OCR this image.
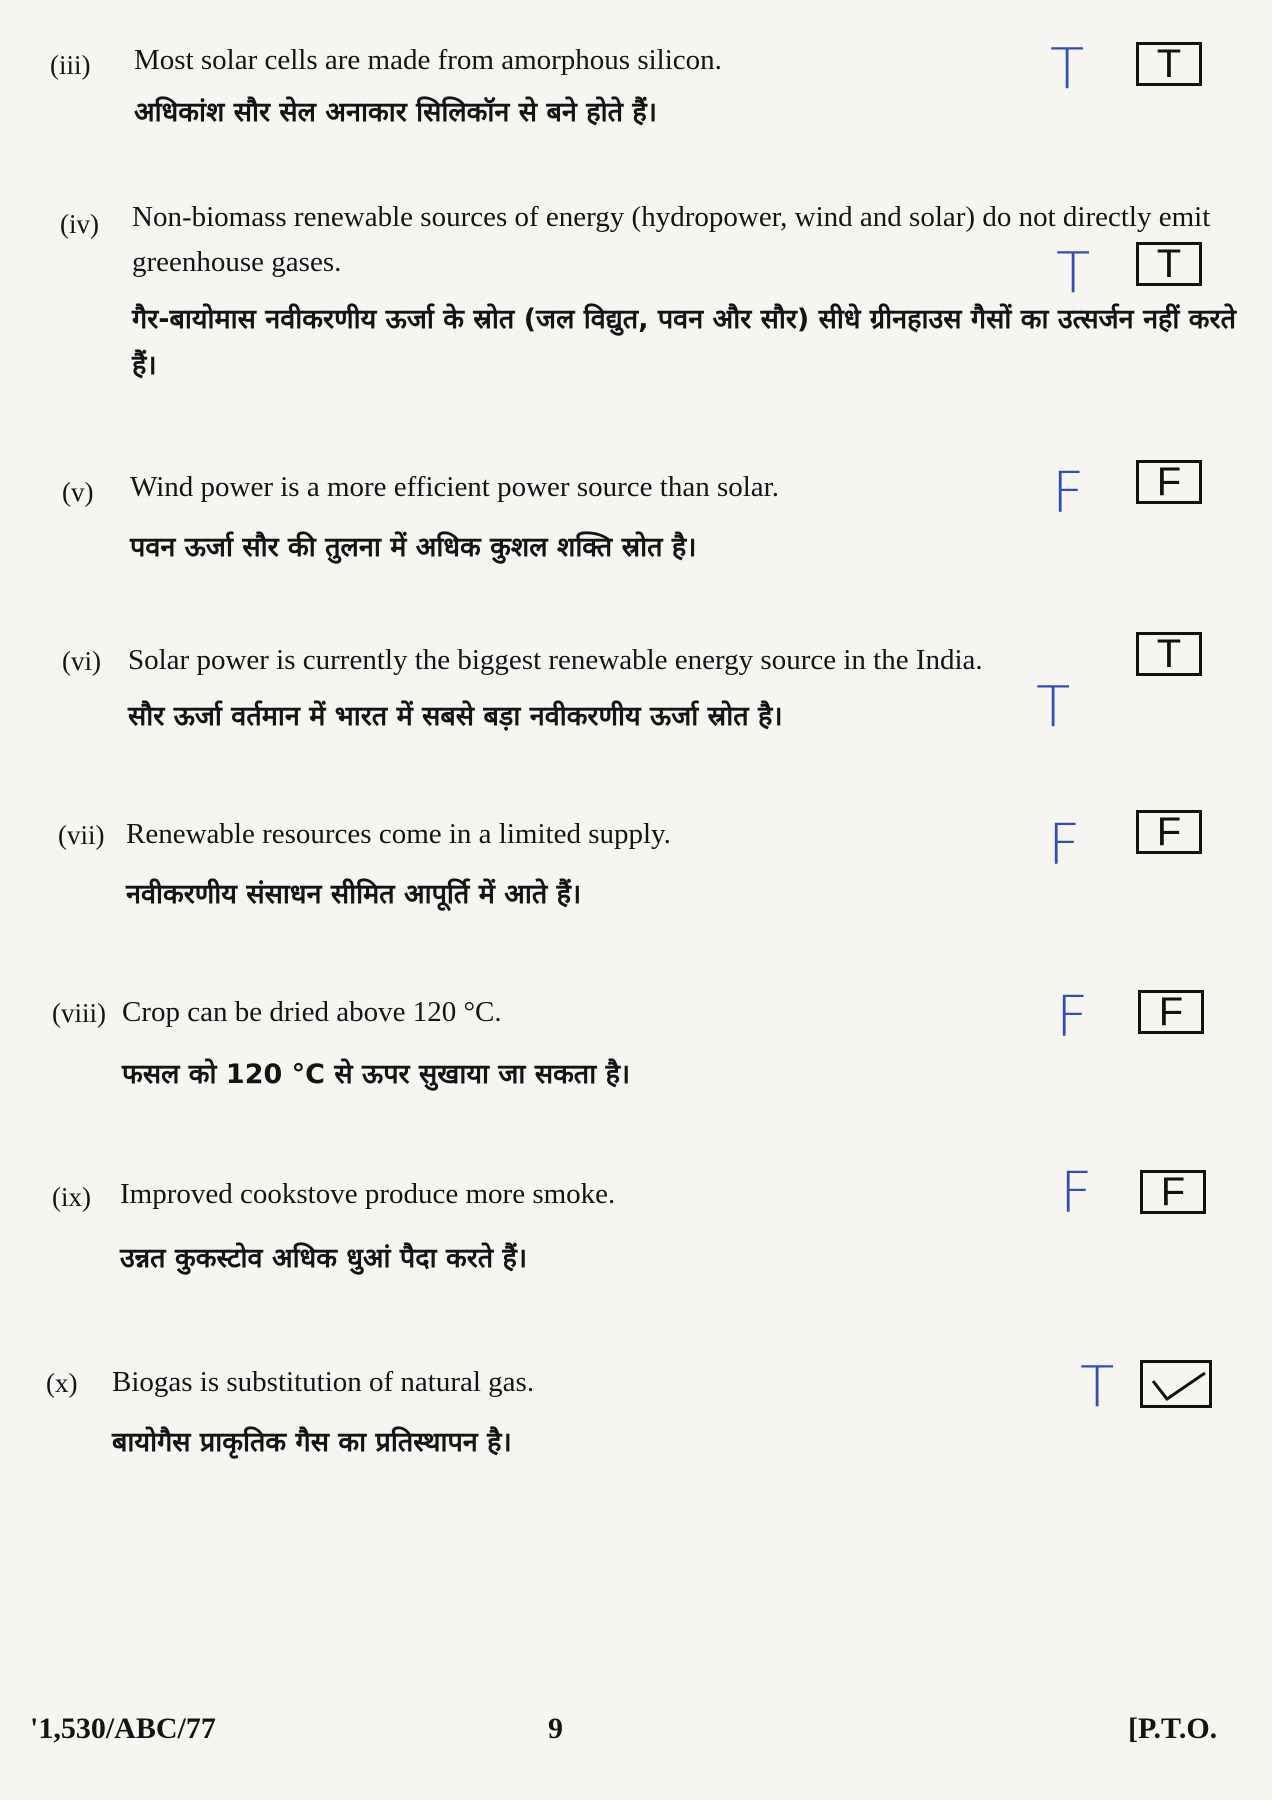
(iii) Most solar cells are made from amorphous silicon.
अधिकांश सौर सेल अनाकार सिलिकॉन से बने होते हैं।
T	T
(iv) Non-biomass renewable sources of energy (hydropower, wind and solar) do not directly emit greenhouse gases.
गैर-बायोमास नवीकरणीय ऊर्जा के स्रोत (जल विद्युत, पवन और सौर) सीधे ग्रीनहाउस गैसों का उत्सर्जन नहीं करते हैं।
T	T
(v) Wind power is a more efficient power source than solar.
पवन ऊर्जा सौर की तुलना में अधिक कुशल शक्ति स्रोत है।
F	F
(vi) Solar power is currently the biggest renewable energy source in the India.
सौर ऊर्जा वर्तमान में भारत में सबसे बड़ा नवीकरणीय ऊर्जा स्रोत है।	T
T
(vii) Renewable resources come in a limited supply.
नवीकरणीय संसाधन सीमित आपूर्ति में आते हैं।
F	F
(viii) Crop can be dried above 120 °C.
फसल को 120 °C से ऊपर सुखाया जा सकता है।
F	F
(ix) Improved cookstove produce more smoke.
उन्नत कुकस्टोव अधिक धुआं पैदा करते हैं।
F	F
(x) Biogas is substitution of natural gas.
बायोगैस प्राकृतिक गैस का प्रतिस्थापन है।
T
'1,530/ABC/77	9	[P.T.O.
